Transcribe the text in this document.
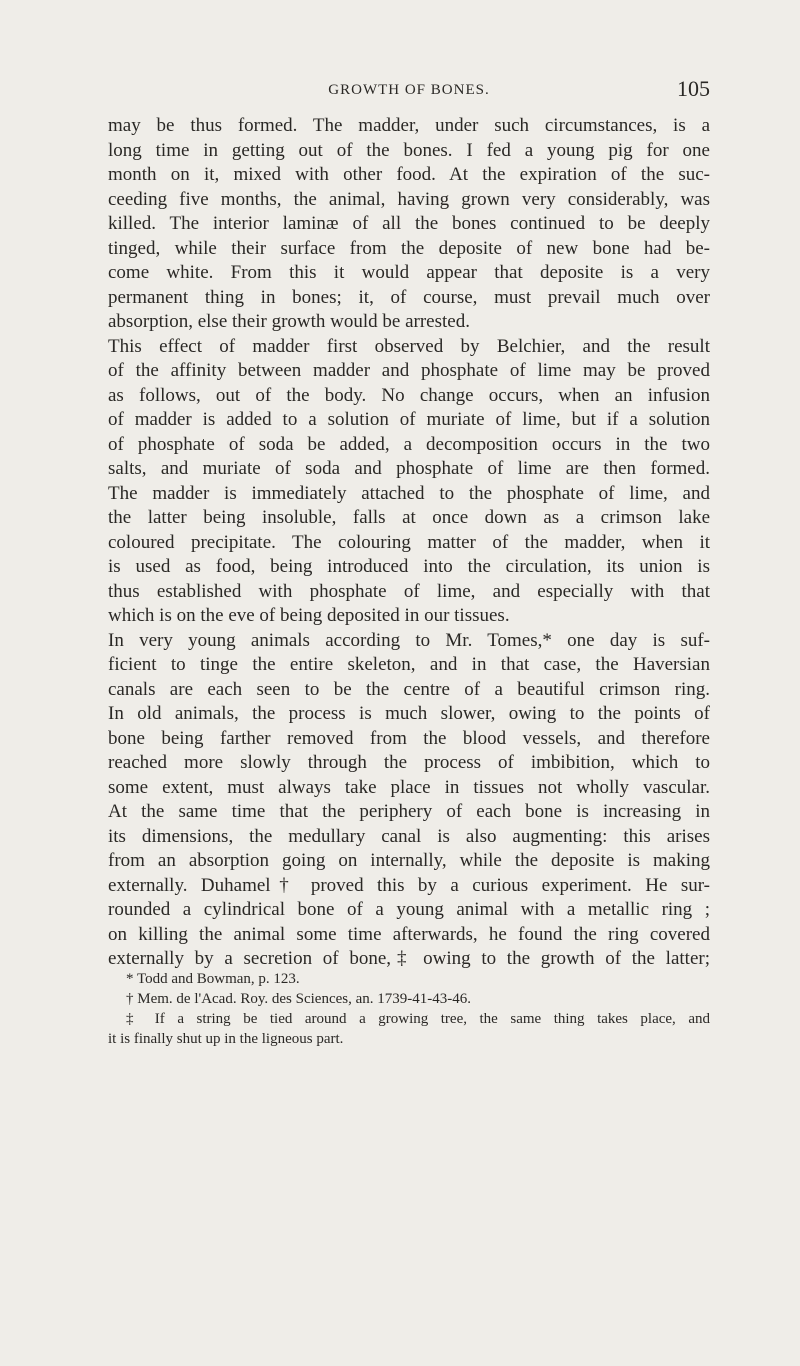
GROWTH OF BONES.	105
may be thus formed. The madder, under such circumstances, is a
long time in getting out of the bones. I fed a young pig for one
month on it, mixed with other food. At the expiration of the suc-
ceeding five months, the animal, having grown very considerably, was
killed. The interior laminæ of all the bones continued to be deeply
tinged, while their surface from the deposite of new bone had be-
come white. From this it would appear that deposite is a very
permanent thing in bones; it, of course, must prevail much over
absorption, else their growth would be arrested.
This effect of madder first observed by Belchier, and the result
of the affinity between madder and phosphate of lime may be proved
as follows, out of the body. No change occurs, when an infusion
of madder is added to a solution of muriate of lime, but if a solution
of phosphate of soda be added, a decomposition occurs in the two
salts, and muriate of soda and phosphate of lime are then formed.
The madder is immediately attached to the phosphate of lime, and
the latter being insoluble, falls at once down as a crimson lake
coloured precipitate. The colouring matter of the madder, when it
is used as food, being introduced into the circulation, its union is
thus established with phosphate of lime, and especially with that
which is on the eve of being deposited in our tissues.
In very young animals according to Mr. Tomes,* one day is suf-
ficient to tinge the entire skeleton, and in that case, the Haversian
canals are each seen to be the centre of a beautiful crimson ring.
In old animals, the process is much slower, owing to the points of
bone being farther removed from the blood vessels, and therefore
reached more slowly through the process of imbibition, which to
some extent, must always take place in tissues not wholly vascular.
At the same time that the periphery of each bone is increasing in
its dimensions, the medullary canal is also augmenting: this arises
from an absorption going on internally, while the deposite is making
externally. Duhamel† proved this by a curious experiment. He sur-
rounded a cylindrical bone of a young animal with a metallic ring ;
on killing the animal some time afterwards, he found the ring covered
externally by a secretion of bone,‡ owing to the growth of the latter;
* Todd and Bowman, p. 123.
† Mem. de l'Acad. Roy. des Sciences, an. 1739-41-43-46.
‡ If a string be tied around a growing tree, the same thing takes place, and
it is finally shut up in the ligneous part.
